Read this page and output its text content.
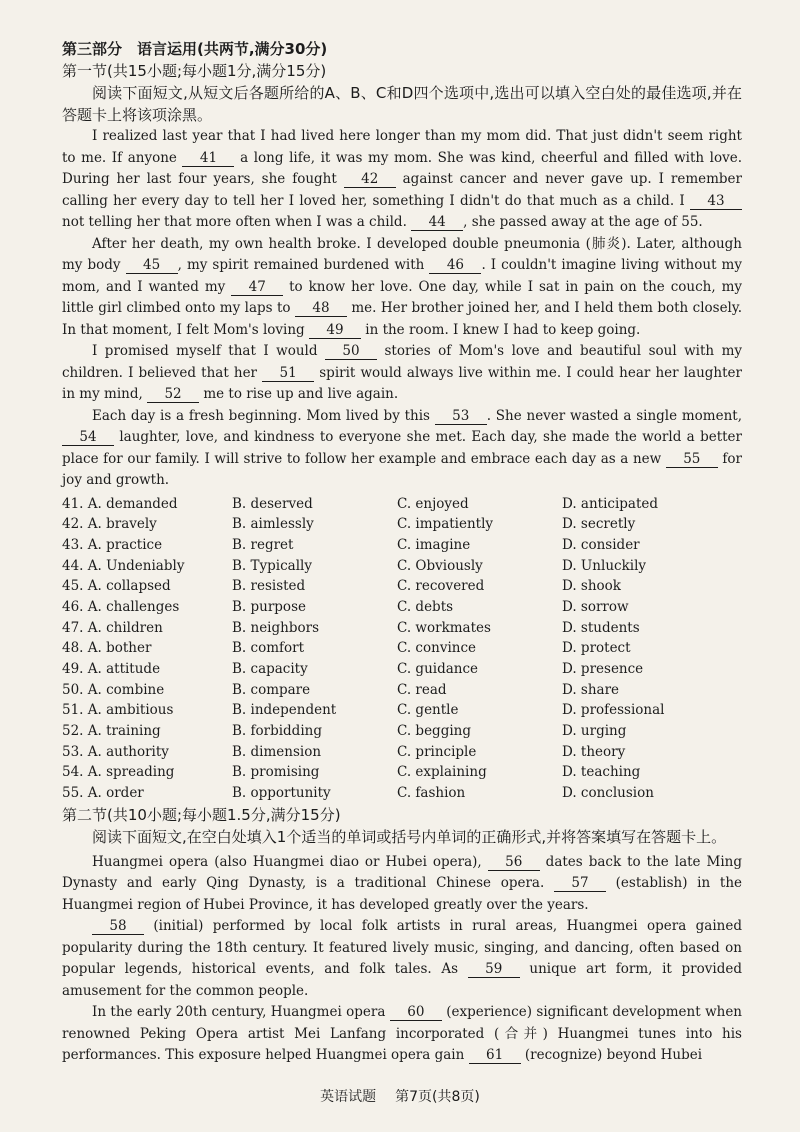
第三部分　语言运用(共两节,满分30分)
第一节(共15小题;每小题1分,满分15分)
阅读下面短文,从短文后各题所给的A、B、C和D四个选项中,选出可以填入空白处的最佳选项,并在答题卡上将该项涂黑。
I realized last year that I had lived here longer than my mom did. That just didn't seem right to me. If anyone 41 a long life, it was my mom. She was kind, cheerful and filled with love. During her last four years, she fought 42 against cancer and never gave up. I remember calling her every day to tell her I loved her, something I didn't do that much as a child. I 43 not telling her that more often when I was a child. 44 , she passed away at the age of 55.
After her death, my own health broke. I developed double pneumonia (肺炎). Later, although my body 45 , my spirit remained burdened with 46 . I couldn't imagine living without my mom, and I wanted my 47 to know her love. One day, while I sat in pain on the couch, my little girl climbed onto my laps to 48 me. Her brother joined her, and I held them both closely. In that moment, I felt Mom's loving 49 in the room. I knew I had to keep going.
I promised myself that I would 50 stories of Mom's love and beautiful soul with my children. I believed that her 51 spirit would always live within me. I could hear her laughter in my mind, 52 me to rise up and live again.
Each day is a fresh beginning. Mom lived by this 53 . She never wasted a single moment, 54 laughter, love, and kindness to everyone she met. Each day, she made the world a better place for our family. I will strive to follow her example and embrace each day as a new 55 for joy and growth.
41. A. demanded	B. deserved	C. enjoyed	D. anticipated
42. A. bravely	B. aimlessly	C. impatiently	D. secretly
43. A. practice	B. regret	C. imagine	D. consider
44. A. Undeniably	B. Typically	C. Obviously	D. Unluckily
45. A. collapsed	B. resisted	C. recovered	D. shook
46. A. challenges	B. purpose	C. debts	D. sorrow
47. A. children	B. neighbors	C. workmates	D. students
48. A. bother	B. comfort	C. convince	D. protect
49. A. attitude	B. capacity	C. guidance	D. presence
50. A. combine	B. compare	C. read	D. share
51. A. ambitious	B. independent	C. gentle	D. professional
52. A. training	B. forbidding	C. begging	D. urging
53. A. authority	B. dimension	C. principle	D. theory
54. A. spreading	B. promising	C. explaining	D. teaching
55. A. order	B. opportunity	C. fashion	D. conclusion
第二节(共10小题;每小题1.5分,满分15分)
阅读下面短文,在空白处填入1个适当的单词或括号内单词的正确形式,并将答案填写在答题卡上。
Huangmei opera (also Huangmei diao or Hubei opera), 56 dates back to the late Ming Dynasty and early Qing Dynasty, is a traditional Chinese opera. 57 (establish) in the Huangmei region of Hubei Province, it has developed greatly over the years.
58 (initial) performed by local folk artists in rural areas, Huangmei opera gained popularity during the 18th century. It featured lively music, singing, and dancing, often based on popular legends, historical events, and folk tales. As 59 unique art form, it provided amusement for the common people.
In the early 20th century, Huangmei opera 60 (experience) significant development when renowned Peking Opera artist Mei Lanfang incorporated (合并) Huangmei tunes into his performances. This exposure helped Huangmei opera gain 61 (recognize) beyond Hubei
英语试题 第7页(共8页)
